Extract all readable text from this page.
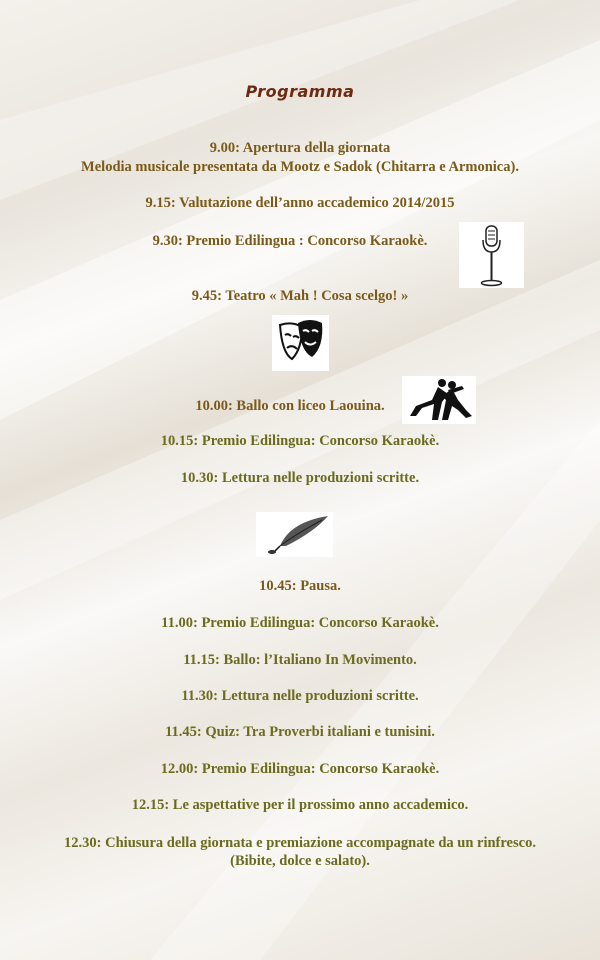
Programma
9.00: Apertura della giornata
Melodia musicale presentata da Mootz e Sadok (Chitarra e Armonica).
9.15: Valutazione dell’anno accademico 2014/2015
9.30: Premio Edilingua : Concorso Karaokè.
9.45: Teatro « Mah ! Cosa scelgo! »
10.00: Ballo con liceo Laouina.
10.15: Premio Edilingua: Concorso Karaokè.
10.30: Lettura nelle produzioni scritte.
10.45: Pausa.
11.00: Premio Edilingua: Concorso Karaokè.
11.15: Ballo: l’Italiano In Movimento.
11.30: Lettura nelle produzioni scritte.
11.45: Quiz: Tra Proverbi italiani e tunisini.
12.00: Premio Edilingua: Concorso Karaokè.
12.15: Le aspettative per il prossimo anno accademico.
12.30: Chiusura della giornata e premiazione accompagnate da un rinfresco.
(Bibite, dolce e salato).
